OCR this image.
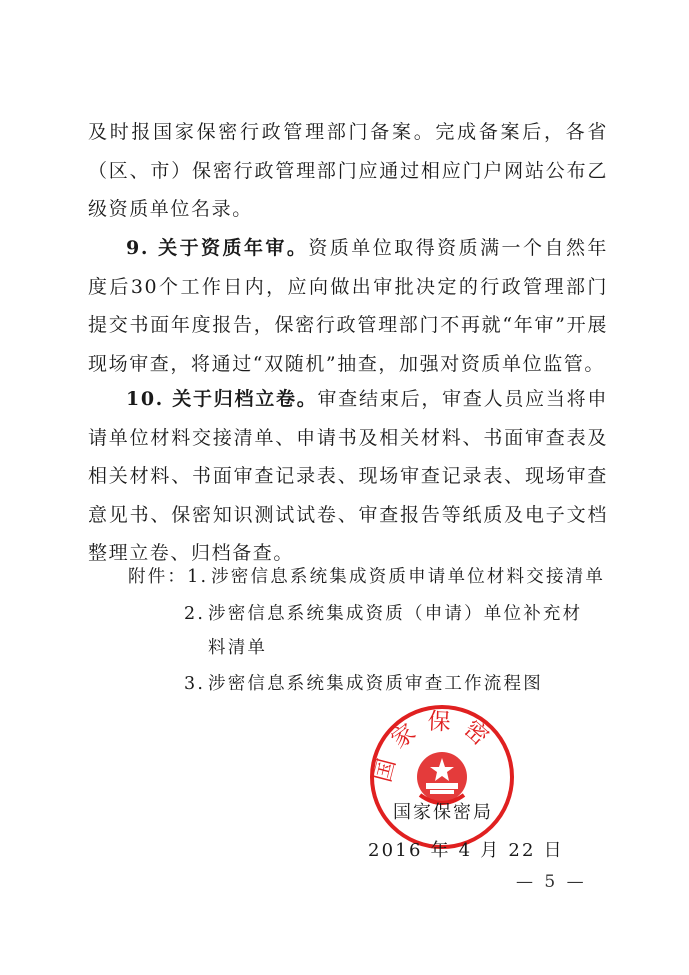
及时报国家保密行政管理部门备案。完成备案后，各省（区、市）保密行政管理部门应通过相应门户网站公布乙级资质单位名录。

9. 关于资质年审。资质单位取得资质满一个自然年度后30个工作日内，应向做出审批决定的行政管理部门提交书面年度报告，保密行政管理部门不再就“年审”开展现场审查，将通过“双随机”抽查，加强对资质单位监管。

10. 关于归档立卷。审查结束后，审查人员应当将申请单位材料交接清单、申请书及相关材料、书面审查表及相关材料、书面审查记录表、现场审查记录表、现场审查意见书、保密知识测试试卷、审查报告等纸质及电子文档整理立卷、归档备查。

附件：1. 涉密信息系统集成资质申请单位材料交接清单
2. 涉密信息系统集成资质（申请）单位补充材
料清单
3. 涉密信息系统集成资质审查工作流程图
国家保密
国家保密局
2016 年 4 月 22 日
— 5 —
